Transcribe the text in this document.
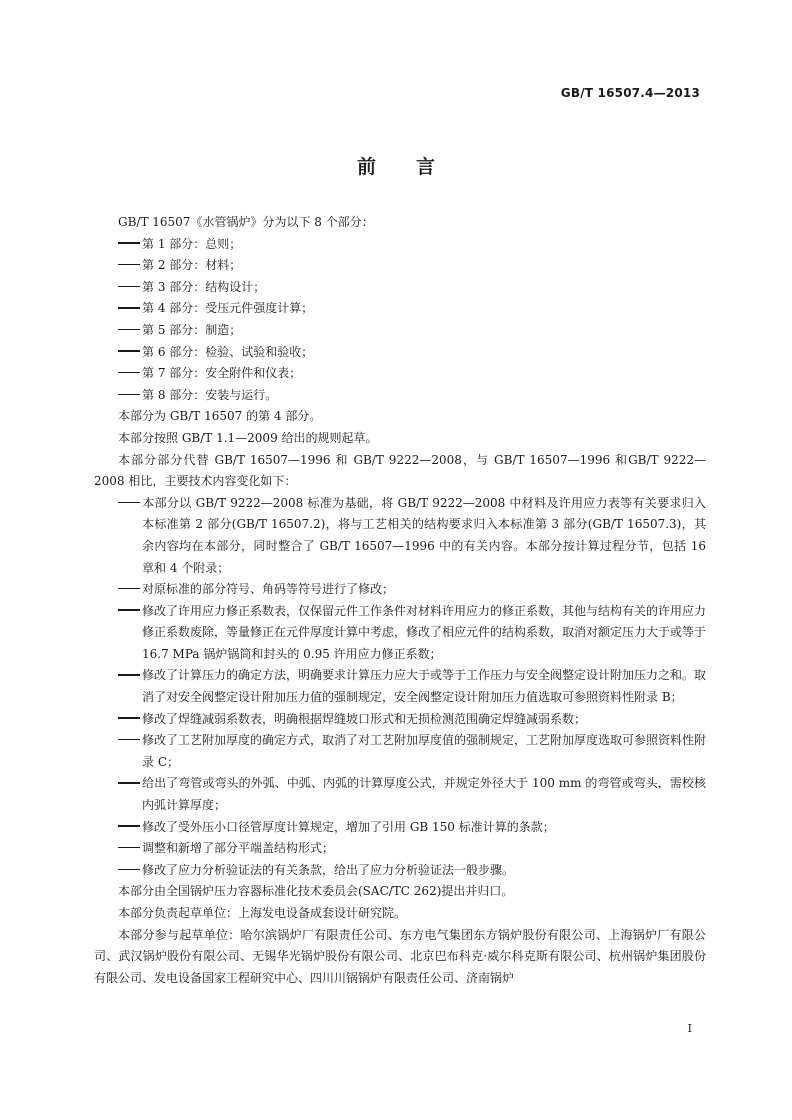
GB/T 16507.4—2013
前 言
GB/T 16507《水管锅炉》分为以下 8 个部分：
第 1 部分：总则；
第 2 部分：材料；
第 3 部分：结构设计；
第 4 部分：受压元件强度计算；
第 5 部分：制造；
第 6 部分：检验、试验和验收；
第 7 部分：安全附件和仪表；
第 8 部分：安装与运行。
本部分为 GB/T 16507 的第 4 部分。
本部分按照 GB/T 1.1—2009 给出的规则起草。
本部分部分代替 GB/T 16507—1996 和 GB/T 9222—2008，与 GB/T 16507—1996 和GB/T 9222—2008 相比，主要技术内容变化如下：
本部分以 GB/T 9222—2008 标准为基础，将 GB/T 9222—2008 中材料及许用应力表等有关要求归入本标准第 2 部分(GB/T 16507.2)，将与工艺相关的结构要求归入本标准第 3 部分(GB/T 16507.3)，其余内容均在本部分，同时整合了 GB/T 16507—1996 中的有关内容。本部分按计算过程分节，包括 16 章和 4 个附录；
对原标准的部分符号、角码等符号进行了修改；
修改了许用应力修正系数表，仅保留元件工作条件对材料许用应力的修正系数，其他与结构有关的许用应力修正系数废除，等量修正在元件厚度计算中考虑，修改了相应元件的结构系数，取消对额定压力大于或等于 16.7 MPa 锅炉锅筒和封头的 0.95 许用应力修正系数；
修改了计算压力的确定方法，明确要求计算压力应大于或等于工作压力与安全阀整定设计附加压力之和。取消了对安全阀整定设计附加压力值的强制规定，安全阀整定设计附加压力值选取可参照资料性附录 B；
修改了焊缝减弱系数表，明确根据焊缝坡口形式和无损检测范围确定焊缝减弱系数；
修改了工艺附加厚度的确定方式，取消了对工艺附加厚度值的强制规定，工艺附加厚度选取可参照资料性附录 C；
给出了弯管或弯头的外弧、中弧、内弧的计算厚度公式，并规定外径大于 100 mm 的弯管或弯头，需校核内弧计算厚度；
修改了受外压小口径管厚度计算规定，增加了引用 GB 150 标准计算的条款；
调整和新增了部分平端盖结构形式；
修改了应力分析验证法的有关条款，给出了应力分析验证法一般步骤。
本部分由全国锅炉压力容器标准化技术委员会(SAC/TC 262)提出并归口。
本部分负责起草单位：上海发电设备成套设计研究院。
本部分参与起草单位：哈尔滨锅炉厂有限责任公司、东方电气集团东方锅炉股份有限公司、上海锅炉厂有限公司、武汉锅炉股份有限公司、无锡华光锅炉股份有限公司、北京巴布科克·威尔科克斯有限公司、杭州锅炉集团股份有限公司、发电设备国家工程研究中心、四川川锅锅炉有限责任公司、济南锅炉
I
